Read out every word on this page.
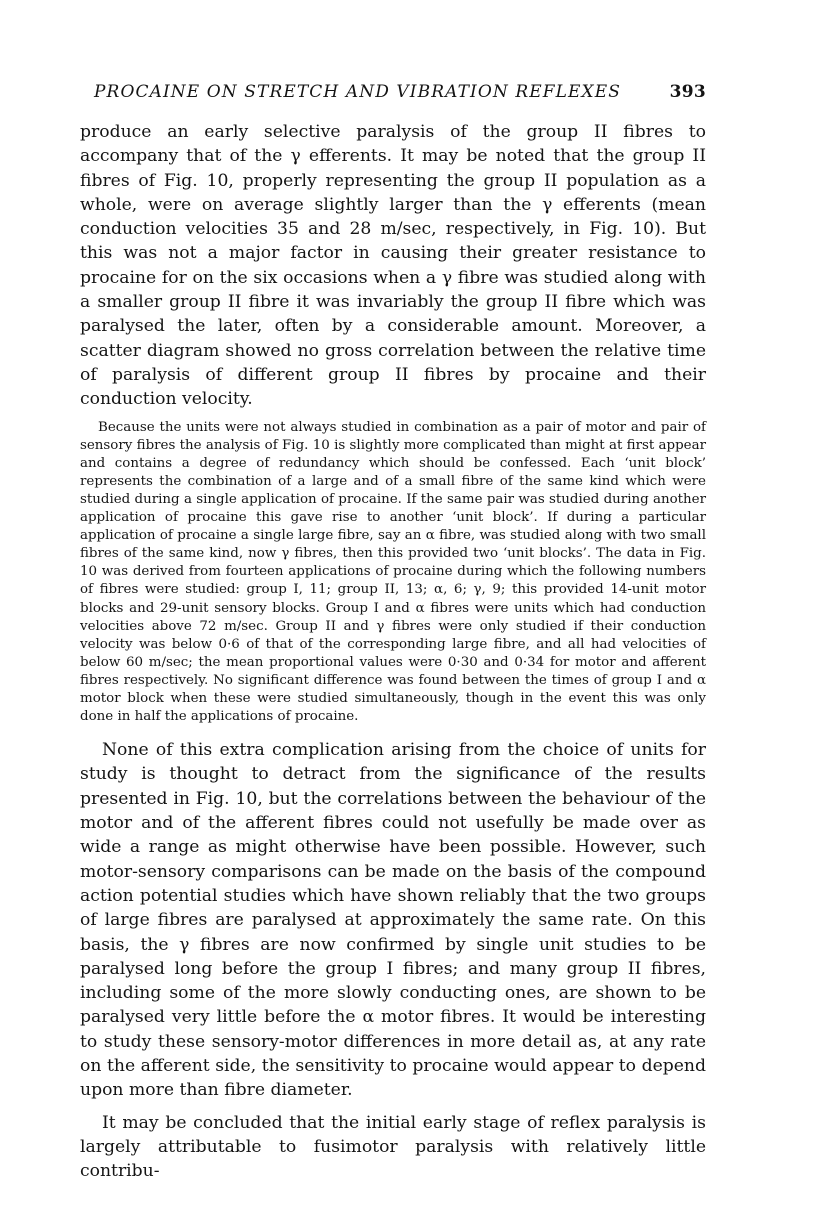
PROCAINE ON STRETCH AND VIBRATION REFLEXES	393

produce an early selective paralysis of the group II fibres to accompany that of the γ efferents. It may be noted that the group II fibres of Fig. 10, properly representing the group II population as a whole, were on average slightly larger than the γ efferents (mean conduction velocities 35 and 28 m/sec, respectively, in Fig. 10). But this was not a major factor in causing their greater resistance to procaine for on the six occasions when a γ fibre was studied along with a smaller group II fibre it was invariably the group II fibre which was paralysed the later, often by a considerable amount. Moreover, a scatter diagram showed no gross correlation between the relative time of paralysis of different group II fibres by procaine and their conduction velocity.

Because the units were not always studied in combination as a pair of motor and pair of sensory fibres the analysis of Fig. 10 is slightly more complicated than might at first appear and contains a degree of redundancy which should be confessed. Each ‘unit block’ represents the combination of a large and of a small fibre of the same kind which were studied during a single application of procaine. If the same pair was studied during another application of procaine this gave rise to another ‘unit block’. If during a particular application of procaine a single large fibre, say an α fibre, was studied along with two small fibres of the same kind, now γ fibres, then this provided two ‘unit blocks’. The data in Fig. 10 was derived from fourteen applications of procaine during which the following numbers of fibres were studied: group I, 11; group II, 13; α, 6; γ, 9; this provided 14-unit motor blocks and 29-unit sensory blocks. Group I and α fibres were units which had conduction velocities above 72 m/sec. Group II and γ fibres were only studied if their conduction velocity was below 0·6 of that of the corresponding large fibre, and all had velocities of below 60 m/sec; the mean proportional values were 0·30 and 0·34 for motor and afferent fibres respectively. No significant difference was found between the times of group I and α motor block when these were studied simultaneously, though in the event this was only done in half the applications of procaine.

None of this extra complication arising from the choice of units for study is thought to detract from the significance of the results presented in Fig. 10, but the correlations between the behaviour of the motor and of the afferent fibres could not usefully be made over as wide a range as might otherwise have been possible. However, such motor-sensory comparisons can be made on the basis of the compound action potential studies which have shown reliably that the two groups of large fibres are paralysed at approximately the same rate. On this basis, the γ fibres are now confirmed by single unit studies to be paralysed long before the group I fibres; and many group II fibres, including some of the more slowly conducting ones, are shown to be paralysed very little before the α motor fibres. It would be interesting to study these sensory-motor differences in more detail as, at any rate on the afferent side, the sensitivity to procaine would appear to depend upon more than fibre diameter.

It may be concluded that the initial early stage of reflex paralysis is largely attributable to fusimotor paralysis with relatively little contribu-
